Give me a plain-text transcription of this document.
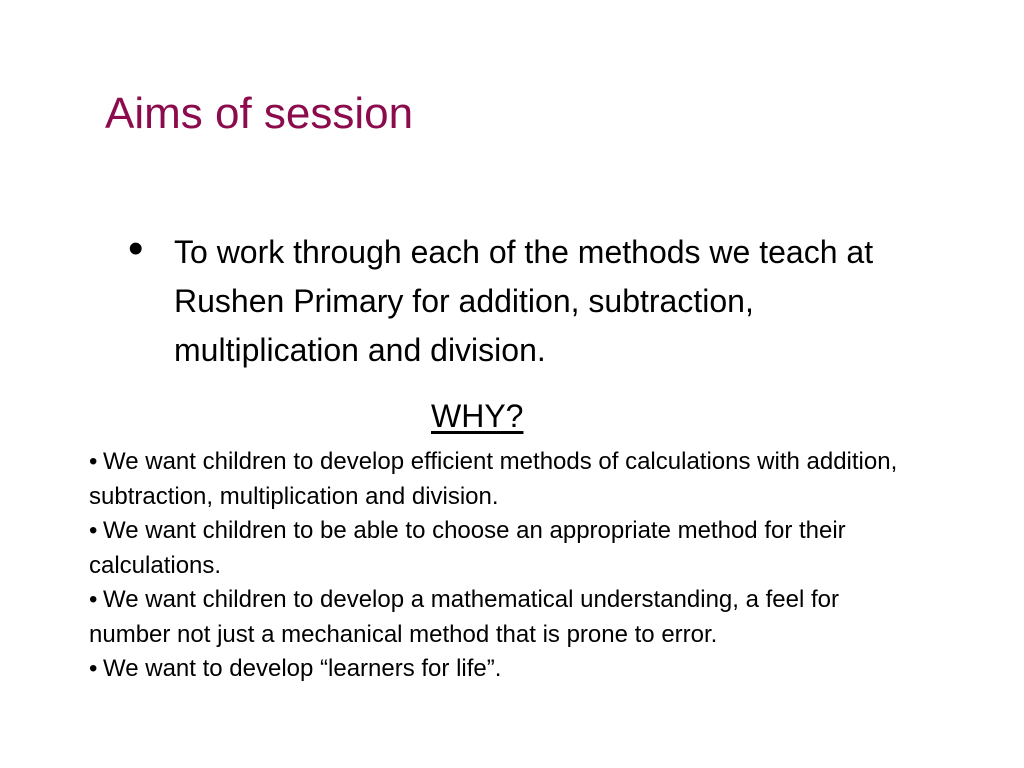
Aims of session
• To work through each of the methods we teach at Rushen Primary for addition, subtraction, multiplication and division.
WHY?
• We want children to develop efficient methods of calculations with addition, subtraction, multiplication and division.
• We want children to be able to choose an appropriate method for their calculations.
• We want children to develop a mathematical understanding, a feel for number not just a mechanical method that is prone to error.
• We want to develop “learners for life”.
